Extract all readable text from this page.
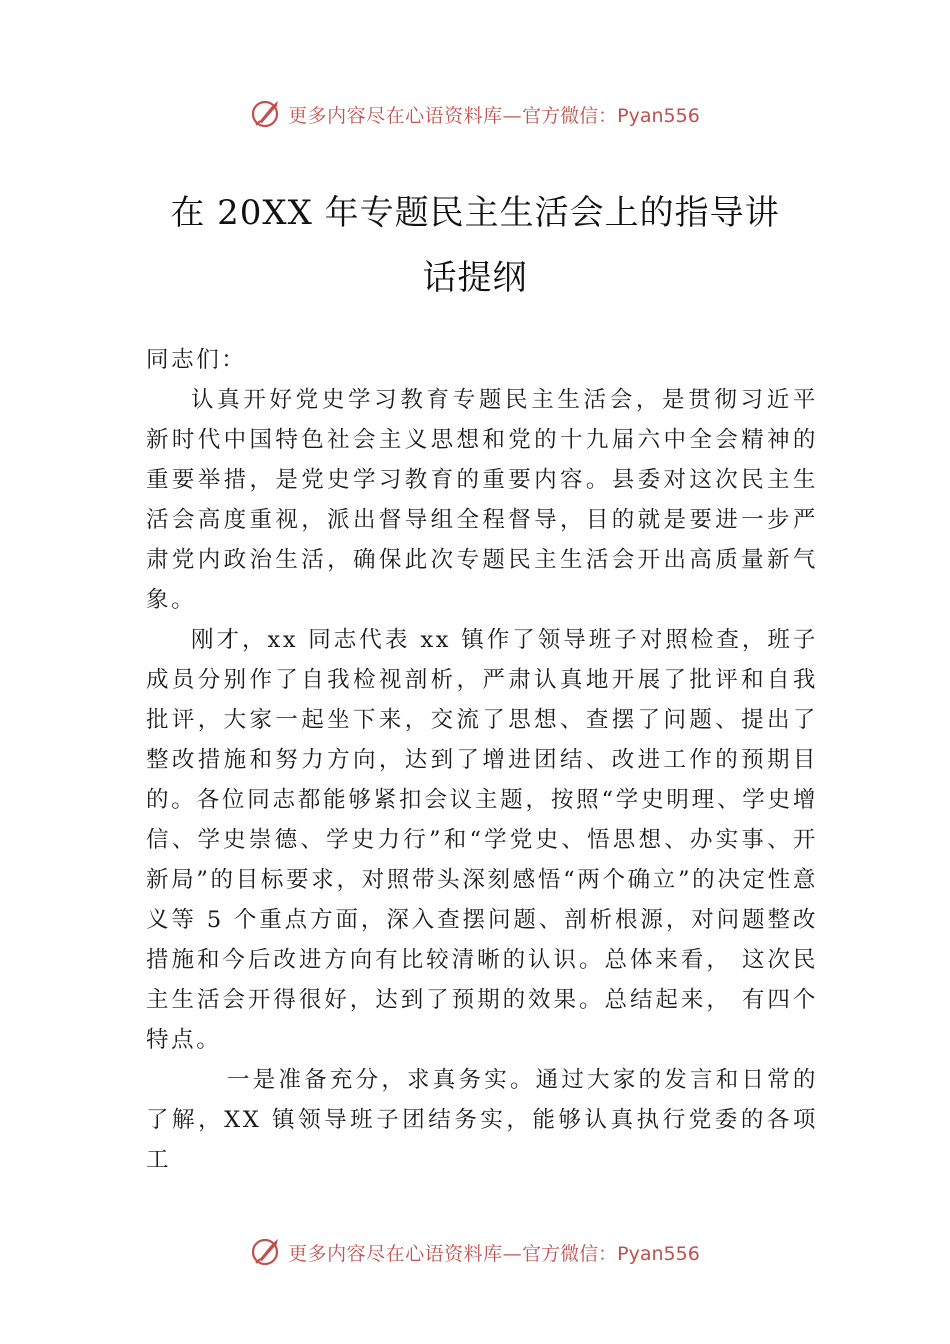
更多内容尽在心语资料库— 官方微信：Pyan556
在 20XX 年专题民主生活会上的指导讲
话提纲

同志们：

认真开好党史学习教育专题民主生活会，是贯彻习近平新时代中国特色社会主义思想和党的十九届六中全会精神的重要举措，是党史学习教育的重要内容。县委对这次民主生活会高度重视，派出督导组全程督导，目的就是要进一步严肃党内政治生活，确保此次专题民主生活会开出高质量新气象。

刚才，xx 同志代表 xx 镇作了领导班子对照检查，班子成员分别作了自我检视剖析，严肃认真地开展了批评和自我批评，大家一起坐下来，交流了思想、查摆了问题、提出了整改措施和努力方向，达到了增进团结、改进工作的预期目的。各位同志都能够紧扣会议主题，按照“学史明理、学史增信、学史崇德、学史力行”和“学党史、悟思想、办实事、开新局”的目标要求，对照带头深刻感悟“两个确立”的决定性意义等 5 个重点方面，深入查摆问题、剖析根源，对问题整改措施和今后改进方向有比较清晰的认识。总体来看， 这次民主生活会开得很好，达到了预期的效果。总结起来， 有四个特点。

一是准备充分，求真务实。通过大家的发言和日常的了解，XX 镇领导班子团结务实，能够认真执行党委的各项工

更多内容尽在心语资料库— 官方微信：Pyan556
